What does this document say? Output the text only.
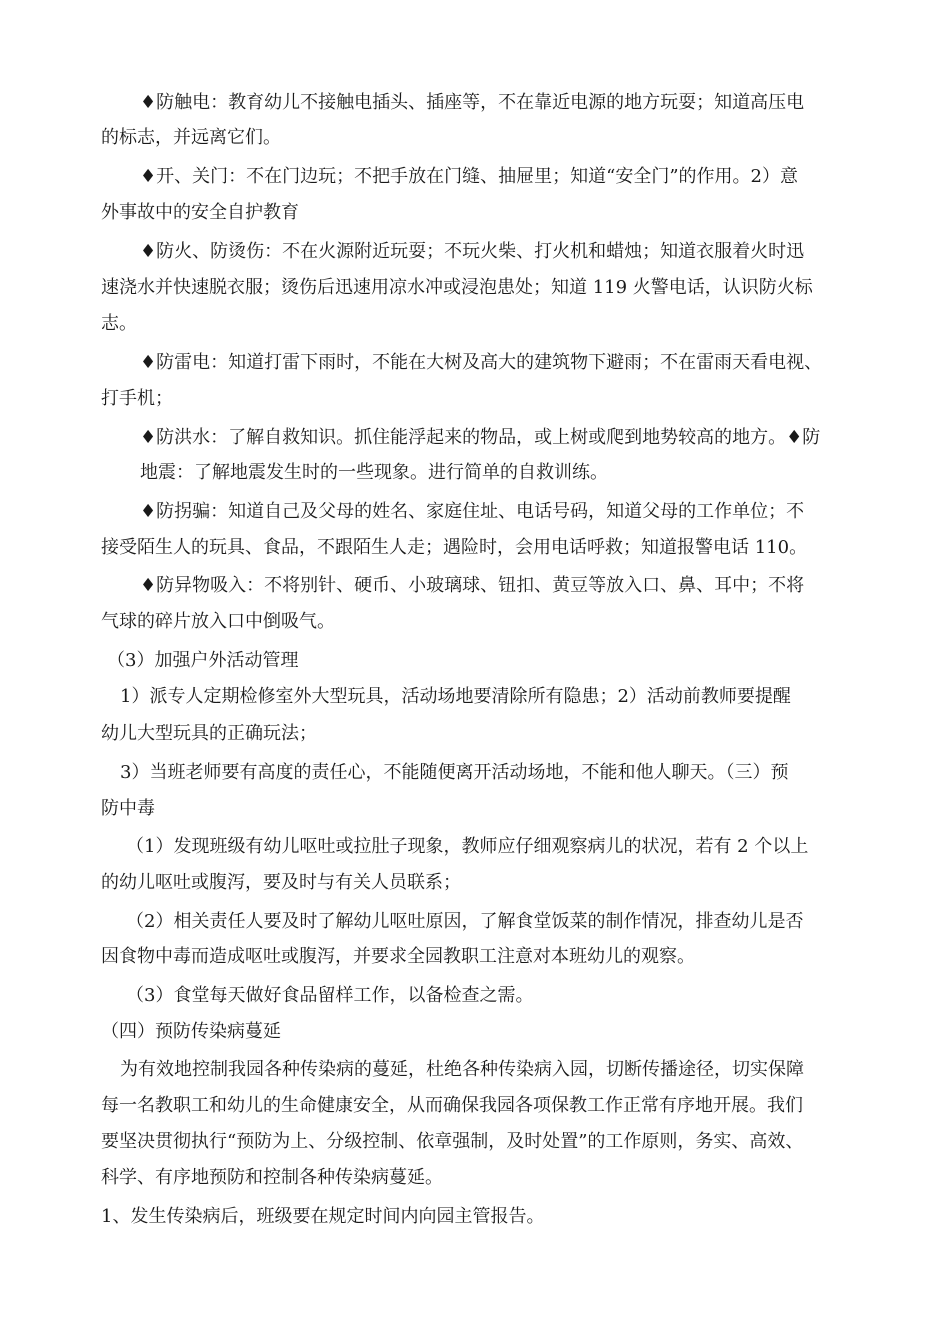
♦防触电：教育幼儿不接触电插头、插座等，不在靠近电源的地方玩耍；知道高压电
的标志，并远离它们。
♦开、关门：不在门边玩；不把手放在门缝、抽屉里；知道“安全门”的作用。2）意
外事故中的安全自护教育
♦防火、防烫伤：不在火源附近玩耍；不玩火柴、打火机和蜡烛；知道衣服着火时迅
速浇水并快速脱衣服；烫伤后迅速用凉水冲或浸泡患处；知道 119 火警电话，认识防火标
志。
♦防雷电：知道打雷下雨时，不能在大树及高大的建筑物下避雨；不在雷雨天看电视、
打手机；
♦防洪水：了解自救知识。抓住能浮起来的物品，或上树或爬到地势较高的地方。♦防
地震：了解地震发生时的一些现象。进行简单的自救训练。
♦防拐骗：知道自己及父母的姓名、家庭住址、电话号码，知道父母的工作单位；不
接受陌生人的玩具、食品，不跟陌生人走；遇险时，会用电话呼救；知道报警电话 110。
♦防异物吸入：不将别针、硬币、小玻璃球、钮扣、黄豆等放入口、鼻、耳中；不将
气球的碎片放入口中倒吸气。
（3）加强户外活动管理
1）派专人定期检修室外大型玩具，活动场地要清除所有隐患；2）活动前教师要提醒
幼儿大型玩具的正确玩法；
3）当班老师要有高度的责任心，不能随便离开活动场地，不能和他人聊天。（三）预
防中毒
（1）发现班级有幼儿呕吐或拉肚子现象，教师应仔细观察病儿的状况，若有 2 个以上
的幼儿呕吐或腹泻，要及时与有关人员联系；
（2）相关责任人要及时了解幼儿呕吐原因，了解食堂饭菜的制作情况，排查幼儿是否
因食物中毒而造成呕吐或腹泻，并要求全园教职工注意对本班幼儿的观察。
（3）食堂每天做好食品留样工作，以备检查之需。
（四）预防传染病蔓延
为有效地控制我园各种传染病的蔓延，杜绝各种传染病入园，切断传播途径，切实保障
每一名教职工和幼儿的生命健康安全，从而确保我园各项保教工作正常有序地开展。我们
要坚决贯彻执行“预防为上、分级控制、依章强制，及时处置”的工作原则，务实、高效、
科学、有序地预防和控制各种传染病蔓延。
1、发生传染病后，班级要在规定时间内向园主管报告。
